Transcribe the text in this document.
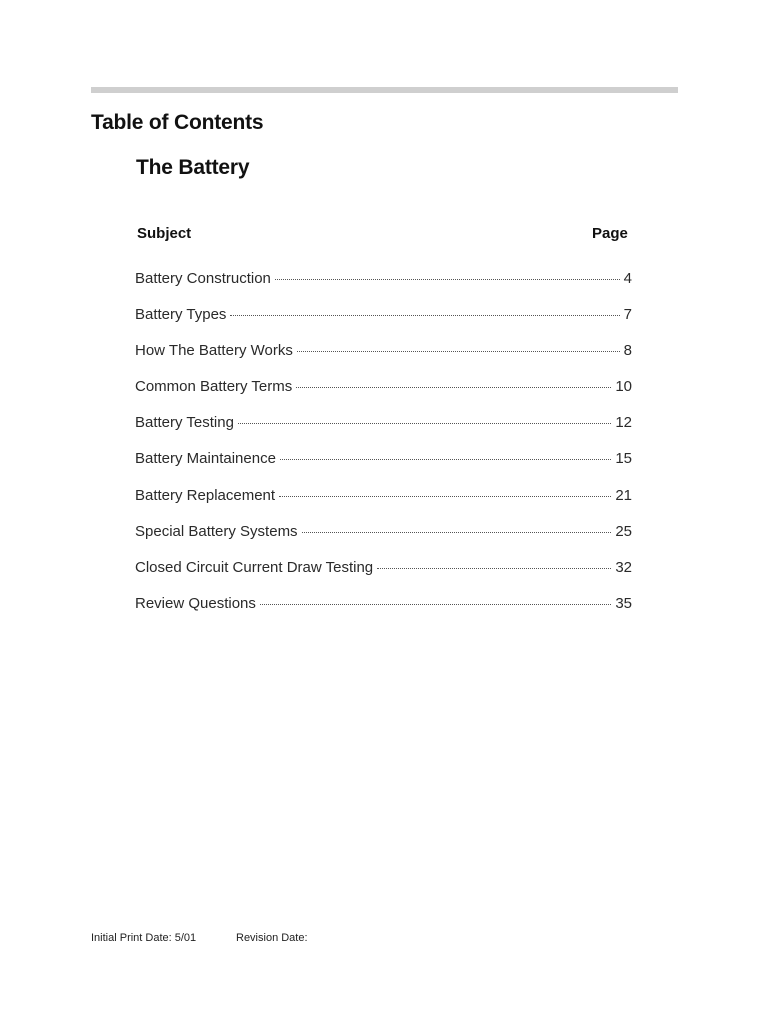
Table of Contents
The Battery
Subject	Page
Battery Construction	4
Battery Types	7
How The Battery Works	8
Common Battery Terms	10
Battery Testing	12
Battery Maintainence	15
Battery Replacement	21
Special Battery Systems	25
Closed Circuit Current Draw Testing	32
Review Questions	35
Initial Print Date: 5/01	Revision Date:
